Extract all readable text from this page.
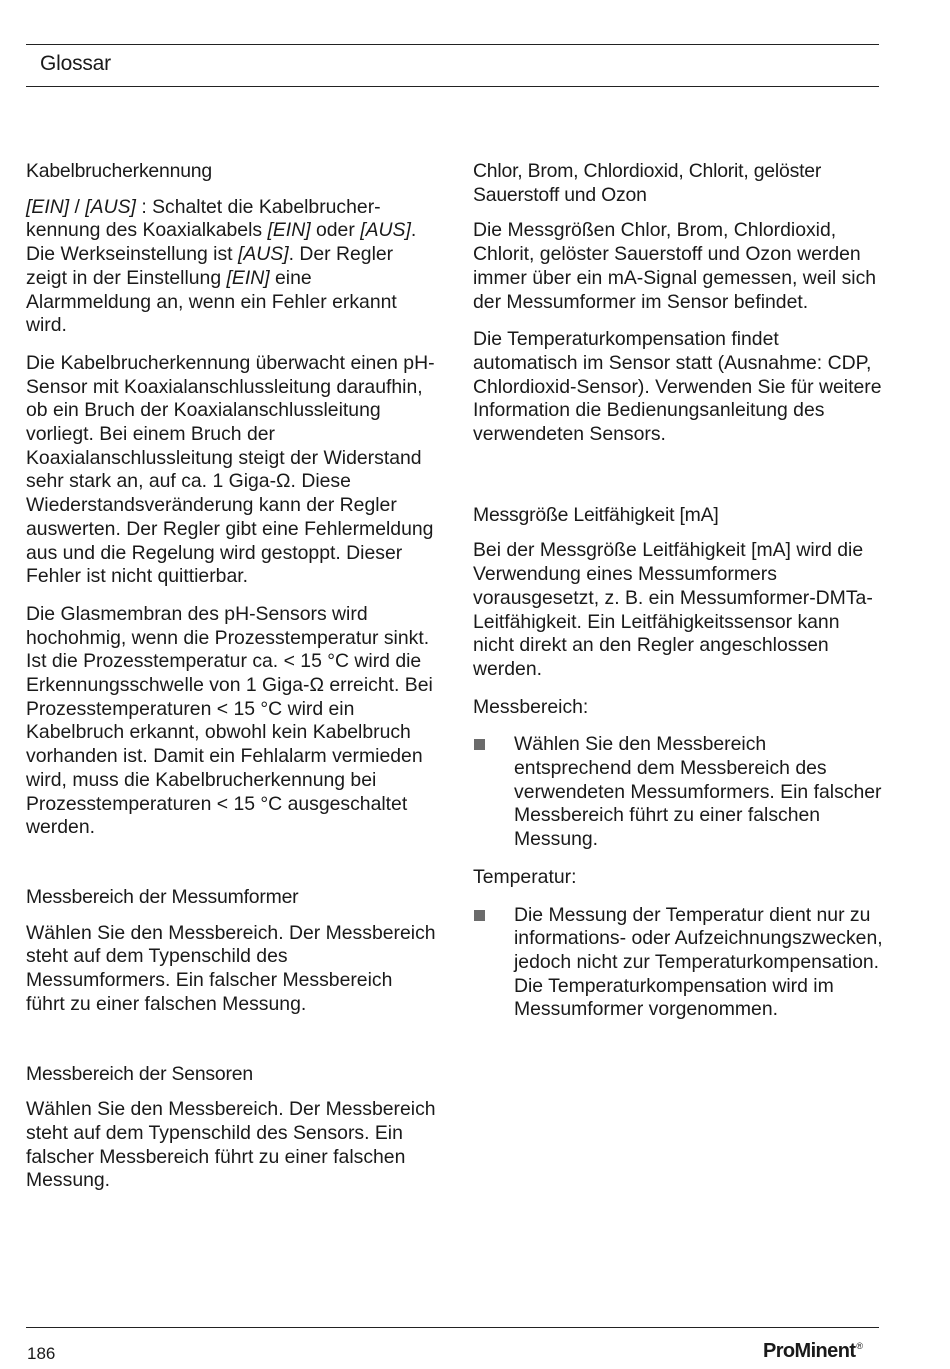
Glossar
Kabelbrucherkennung

[EIN] / [AUS] : Schaltet die Kabelbrucher-kennung des Koaxialkabels [EIN] oder [AUS]. Die Werkseinstellung ist [AUS]. Der Regler zeigt in der Einstellung [EIN] eine Alarmmeldung an, wenn ein Fehler erkannt wird.

Die Kabelbrucherkennung überwacht einen pH-Sensor mit Koaxialanschlussleitung daraufhin, ob ein Bruch der Koaxialanschlussleitung vorliegt. Bei einem Bruch der Koaxialanschlussleitung steigt der Widerstand sehr stark an, auf ca. 1 Giga-Ω. Diese Wiederstandsveränderung kann der Regler auswerten. Der Regler gibt eine Fehlermeldung aus und die Regelung wird gestoppt. Dieser Fehler ist nicht quittierbar.

Die Glasmembran des pH-Sensors wird hochohmig, wenn die Prozesstemperatur sinkt. Ist die Prozesstemperatur ca. < 15 °C wird die Erkennungsschwelle von 1 Giga-Ω erreicht. Bei Prozesstemperaturen < 15 °C wird ein Kabelbruch erkannt, obwohl kein Kabelbruch vorhanden ist. Damit ein Fehlalarm vermieden wird, muss die Kabelbrucherkennung bei Prozesstemperaturen < 15 °C ausgeschaltet werden.

Messbereich der Messumformer

Wählen Sie den Messbereich. Der Messbereich steht auf dem Typenschild des Messumformers. Ein falscher Messbereich führt zu einer falschen Messung.

Messbereich der Sensoren

Wählen Sie den Messbereich. Der Messbereich steht auf dem Typenschild des Sensors. Ein falscher Messbereich führt zu einer falschen Messung.

Chlor, Brom, Chlordioxid, Chlorit, gelöster Sauerstoff und Ozon

Die Messgrößen Chlor, Brom, Chlordioxid, Chlorit, gelöster Sauerstoff und Ozon werden immer über ein mA-Signal gemessen, weil sich der Messumformer im Sensor befindet.

Die Temperaturkompensation findet automatisch im Sensor statt (Ausnahme: CDP, Chlordioxid-Sensor). Verwenden Sie für weitere Information die Bedienungsanleitung des verwendeten Sensors.

Messgröße Leitfähigkeit [mA]

Bei der Messgröße Leitfähigkeit [mA] wird die Verwendung eines Messumformers vorausgesetzt, z. B. ein Messumformer-DMTa-Leitfähigkeit. Ein Leitfähigkeitssensor kann nicht direkt an den Regler angeschlossen werden.

Messbereich:

Wählen Sie den Messbereich entsprechend dem Messbereich des verwendeten Messumformers. Ein falscher Messbereich führt zu einer falschen Messung.

Temperatur:

Die Messung der Temperatur dient nur zu informations- oder Aufzeichnungszwecken, jedoch nicht zur Temperaturkompensation. Die Temperaturkompensation wird im Messumformer vorgenommen.
186	ProMinent®
